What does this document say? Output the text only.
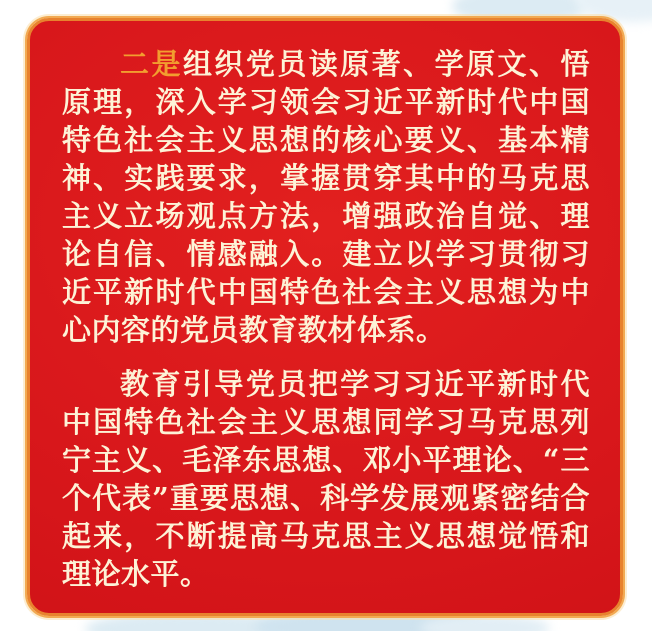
二是组织党员读原著、学原文、悟原理，深入学习领会习近平新时代中国特色社会主义思想的核心要义、基本精神、实践要求，掌握贯穿其中的马克思主义立场观点方法，增强政治自觉、理论自信、情感融入。建立以学习贯彻习近平新时代中国特色社会主义思想为中心内容的党员教育教材体系。

教育引导党员把学习习近平新时代中国特色社会主义思想同学习马克思列宁主义、毛泽东思想、邓小平理论、“三个代表”重要思想、科学发展观紧密结合起来，不断提高马克思主义思想觉悟和理论水平。
